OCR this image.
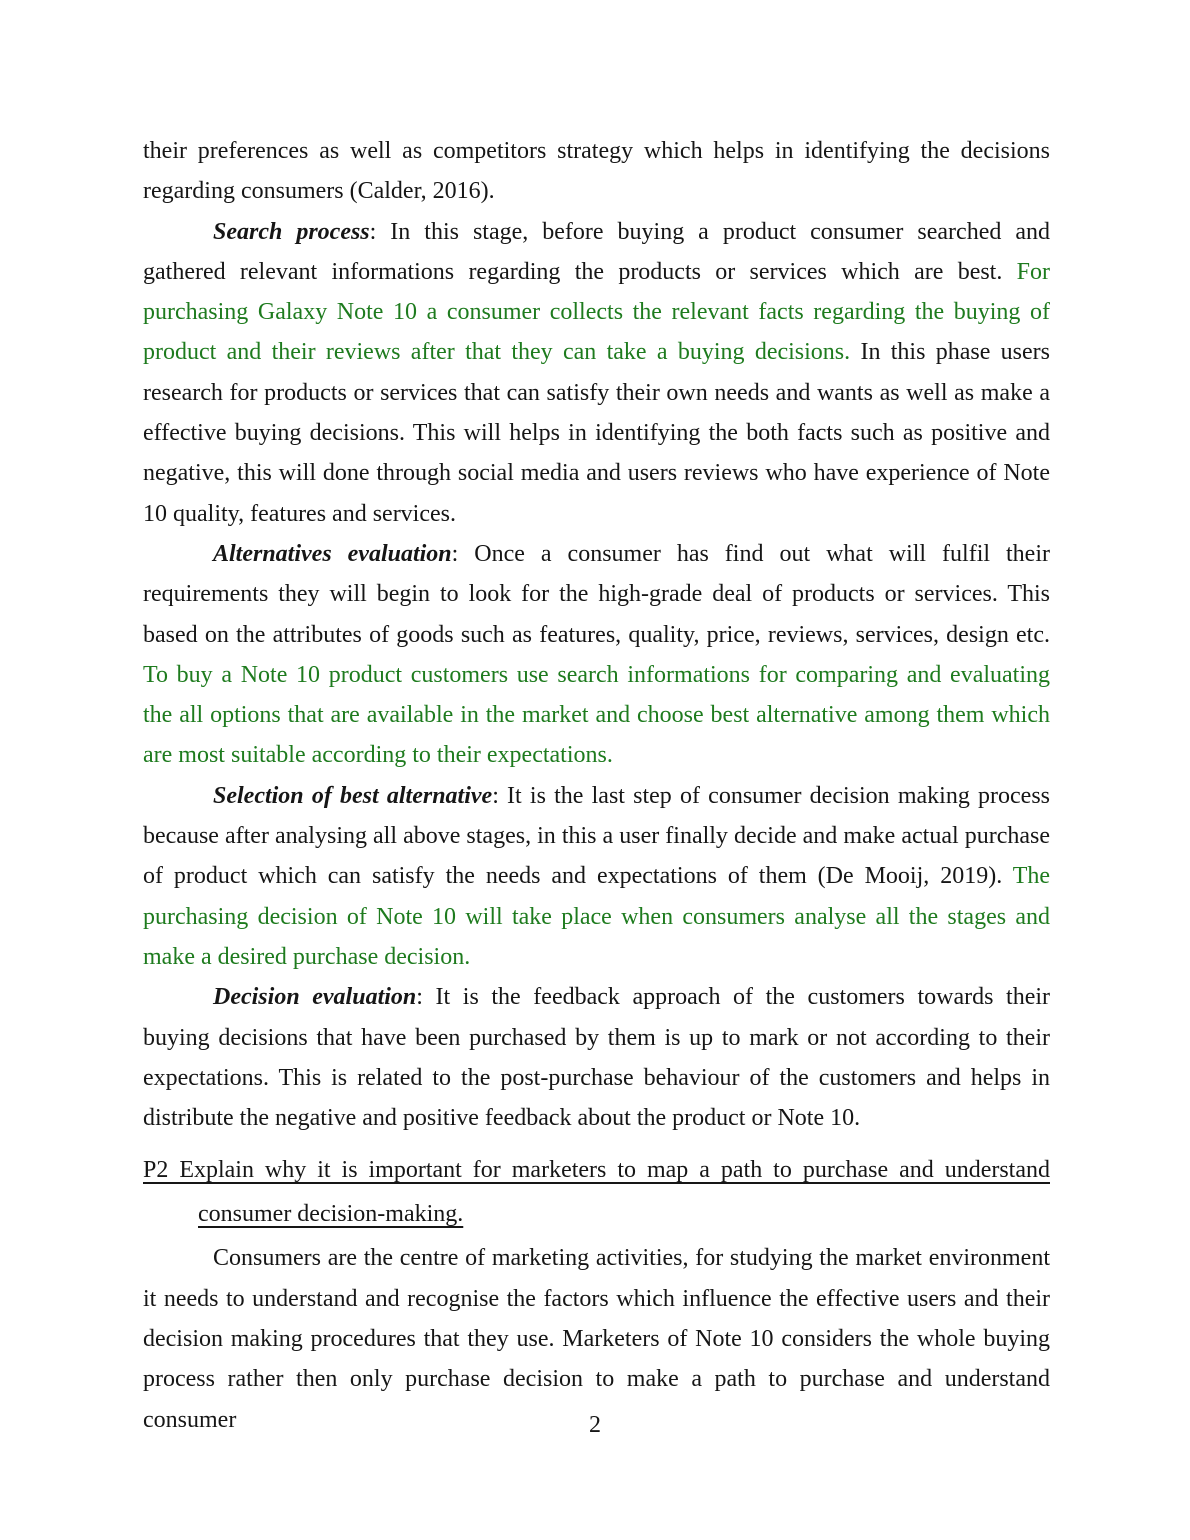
their preferences as well as competitors strategy which helps in identifying the decisions regarding consumers (Calder, 2016).

Search process: In this stage, before buying a product consumer searched and gathered relevant informations regarding the products or services which are best. For purchasing Galaxy Note 10 a consumer collects the relevant facts regarding the buying of product and their reviews after that they can take a buying decisions. In this phase users research for products or services that can satisfy their own needs and wants as well as make a effective buying decisions. This will helps in identifying the both facts such as positive and negative, this will done through social media and users reviews who have experience of Note 10 quality, features and services.

Alternatives evaluation: Once a consumer has find out what will fulfil their requirements they will begin to look for the high-grade deal of products or services. This based on the attributes of goods such as features, quality, price, reviews, services, design etc. To buy a Note 10 product customers use search informations for comparing and evaluating the all options that are available in the market and choose best alternative among them which are most suitable according to their expectations.

Selection of best alternative: It is the last step of consumer decision making process because after analysing all above stages, in this a user finally decide and make actual purchase of product which can satisfy the needs and expectations of them (De Mooij, 2019). The purchasing decision of Note 10 will take place when consumers analyse all the stages and make a desired purchase decision.

Decision evaluation: It is the feedback approach of the customers towards their buying decisions that have been purchased by them is up to mark or not according to their expectations. This is related to the post-purchase behaviour of the customers and helps in distribute the negative and positive feedback about the product or Note 10.

P2 Explain why it is important for marketers to map a path to purchase and understand consumer decision-making.

Consumers are the centre of marketing activities, for studying the market environment it needs to understand and recognise the factors which influence the effective users and their decision making procedures that they use. Marketers of Note 10 considers the whole buying process rather then only purchase decision to make a path to purchase and understand consumer	2
